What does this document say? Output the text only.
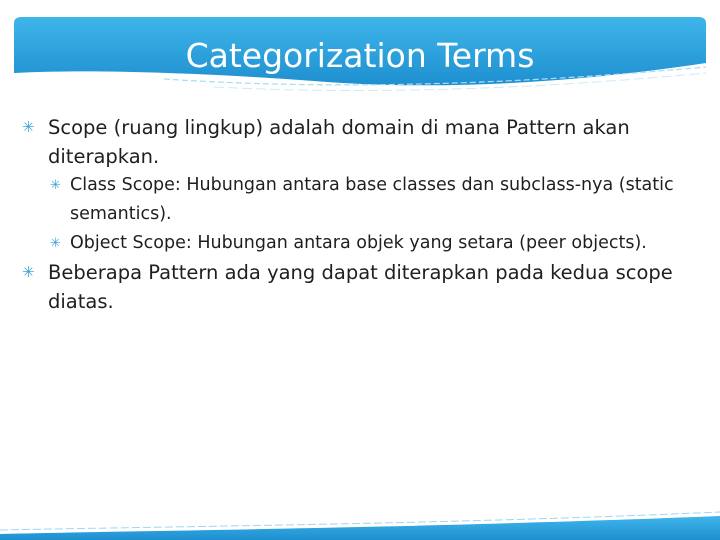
Categorization Terms
✳ Scope (ruang lingkup) adalah domain di mana Pattern akan diterapkan.
✳ Class Scope: Hubungan antara base classes dan subclass-nya (static semantics).
✳ Object Scope: Hubungan antara objek yang setara (peer objects).
✳ Beberapa Pattern ada yang dapat diterapkan pada kedua scope diatas.
